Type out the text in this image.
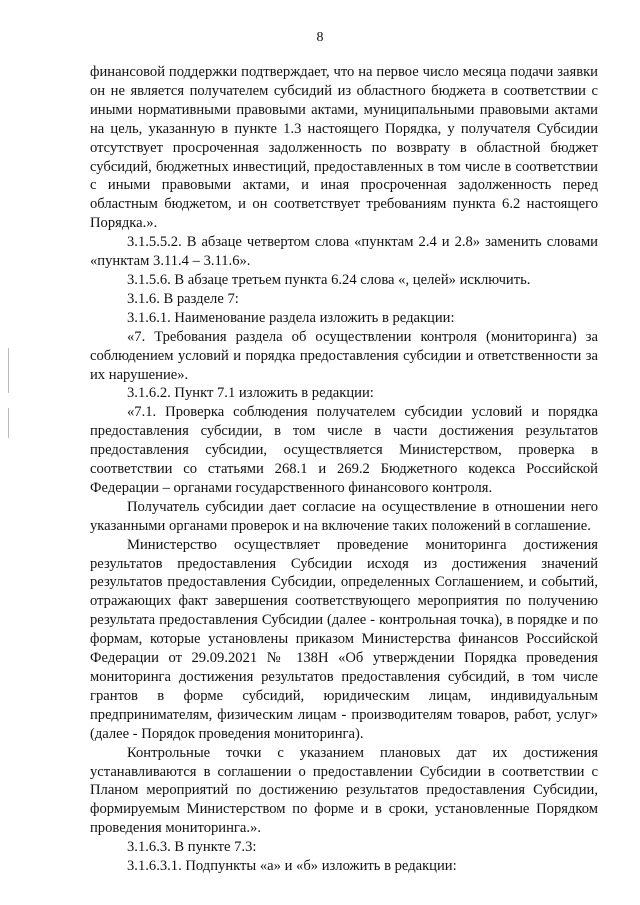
8

финансовой поддержки подтверждает, что на первое число месяца подачи заявки он не является получателем субсидий из областного бюджета в соответствии с иными нормативными правовыми актами, муниципальными правовыми актами на цель, указанную в пункте 1.3 настоящего Порядка, у получателя Субсидии отсутствует просроченная задолженность по возврату в областной бюджет субсидий, бюджетных инвестиций, предоставленных в том числе в соответствии с иными правовыми актами, и иная просроченная задолженность перед областным бюджетом, и он соответствует требованиям пункта 6.2 настоящего Порядка.».

3.1.5.5.2. В абзаце четвертом слова «пунктам 2.4 и 2.8» заменить словами «пунктам 3.11.4 – 3.11.6».

3.1.5.6. В абзаце третьем пункта 6.24 слова «, целей» исключить.

3.1.6. В разделе 7:

3.1.6.1. Наименование раздела изложить в редакции:

«7. Требования раздела об осуществлении контроля (мониторинга) за соблюдением условий и порядка предоставления субсидии и ответственности за их нарушение».

3.1.6.2. Пункт 7.1 изложить в редакции:

«7.1. Проверка соблюдения получателем субсидии условий и порядка предоставления субсидии, в том числе в части достижения результатов предоставления субсидии, осуществляется Министерством, проверка в соответствии со статьями 268.1 и 269.2 Бюджетного кодекса Российской Федерации – органами государственного финансового контроля.

Получатель субсидии дает согласие на осуществление в отношении него указанными органами проверок и на включение таких положений в соглашение.

Министерство осуществляет проведение мониторинга достижения результатов предоставления Субсидии исходя из достижения значений результатов предоставления Субсидии, определенных Соглашением, и событий, отражающих факт завершения соответствующего мероприятия по получению результата предоставления Субсидии (далее - контрольная точка), в порядке и по формам, которые установлены приказом Министерства финансов Российской Федерации от 29.09.2021 № 138Н «Об утверждении Порядка проведения мониторинга достижения результатов предоставления субсидий, в том числе грантов в форме субсидий, юридическим лицам, индивидуальным предпринимателям, физическим лицам - производителям товаров, работ, услуг» (далее - Порядок проведения мониторинга).

Контрольные точки с указанием плановых дат их достижения устанавливаются в соглашении о предоставлении Субсидии в соответствии с Планом мероприятий по достижению результатов предоставления Субсидии, формируемым Министерством по форме и в сроки, установленные Порядком проведения мониторинга.».

3.1.6.3. В пункте 7.3:

3.1.6.3.1. Подпункты «а» и «б» изложить в редакции:
